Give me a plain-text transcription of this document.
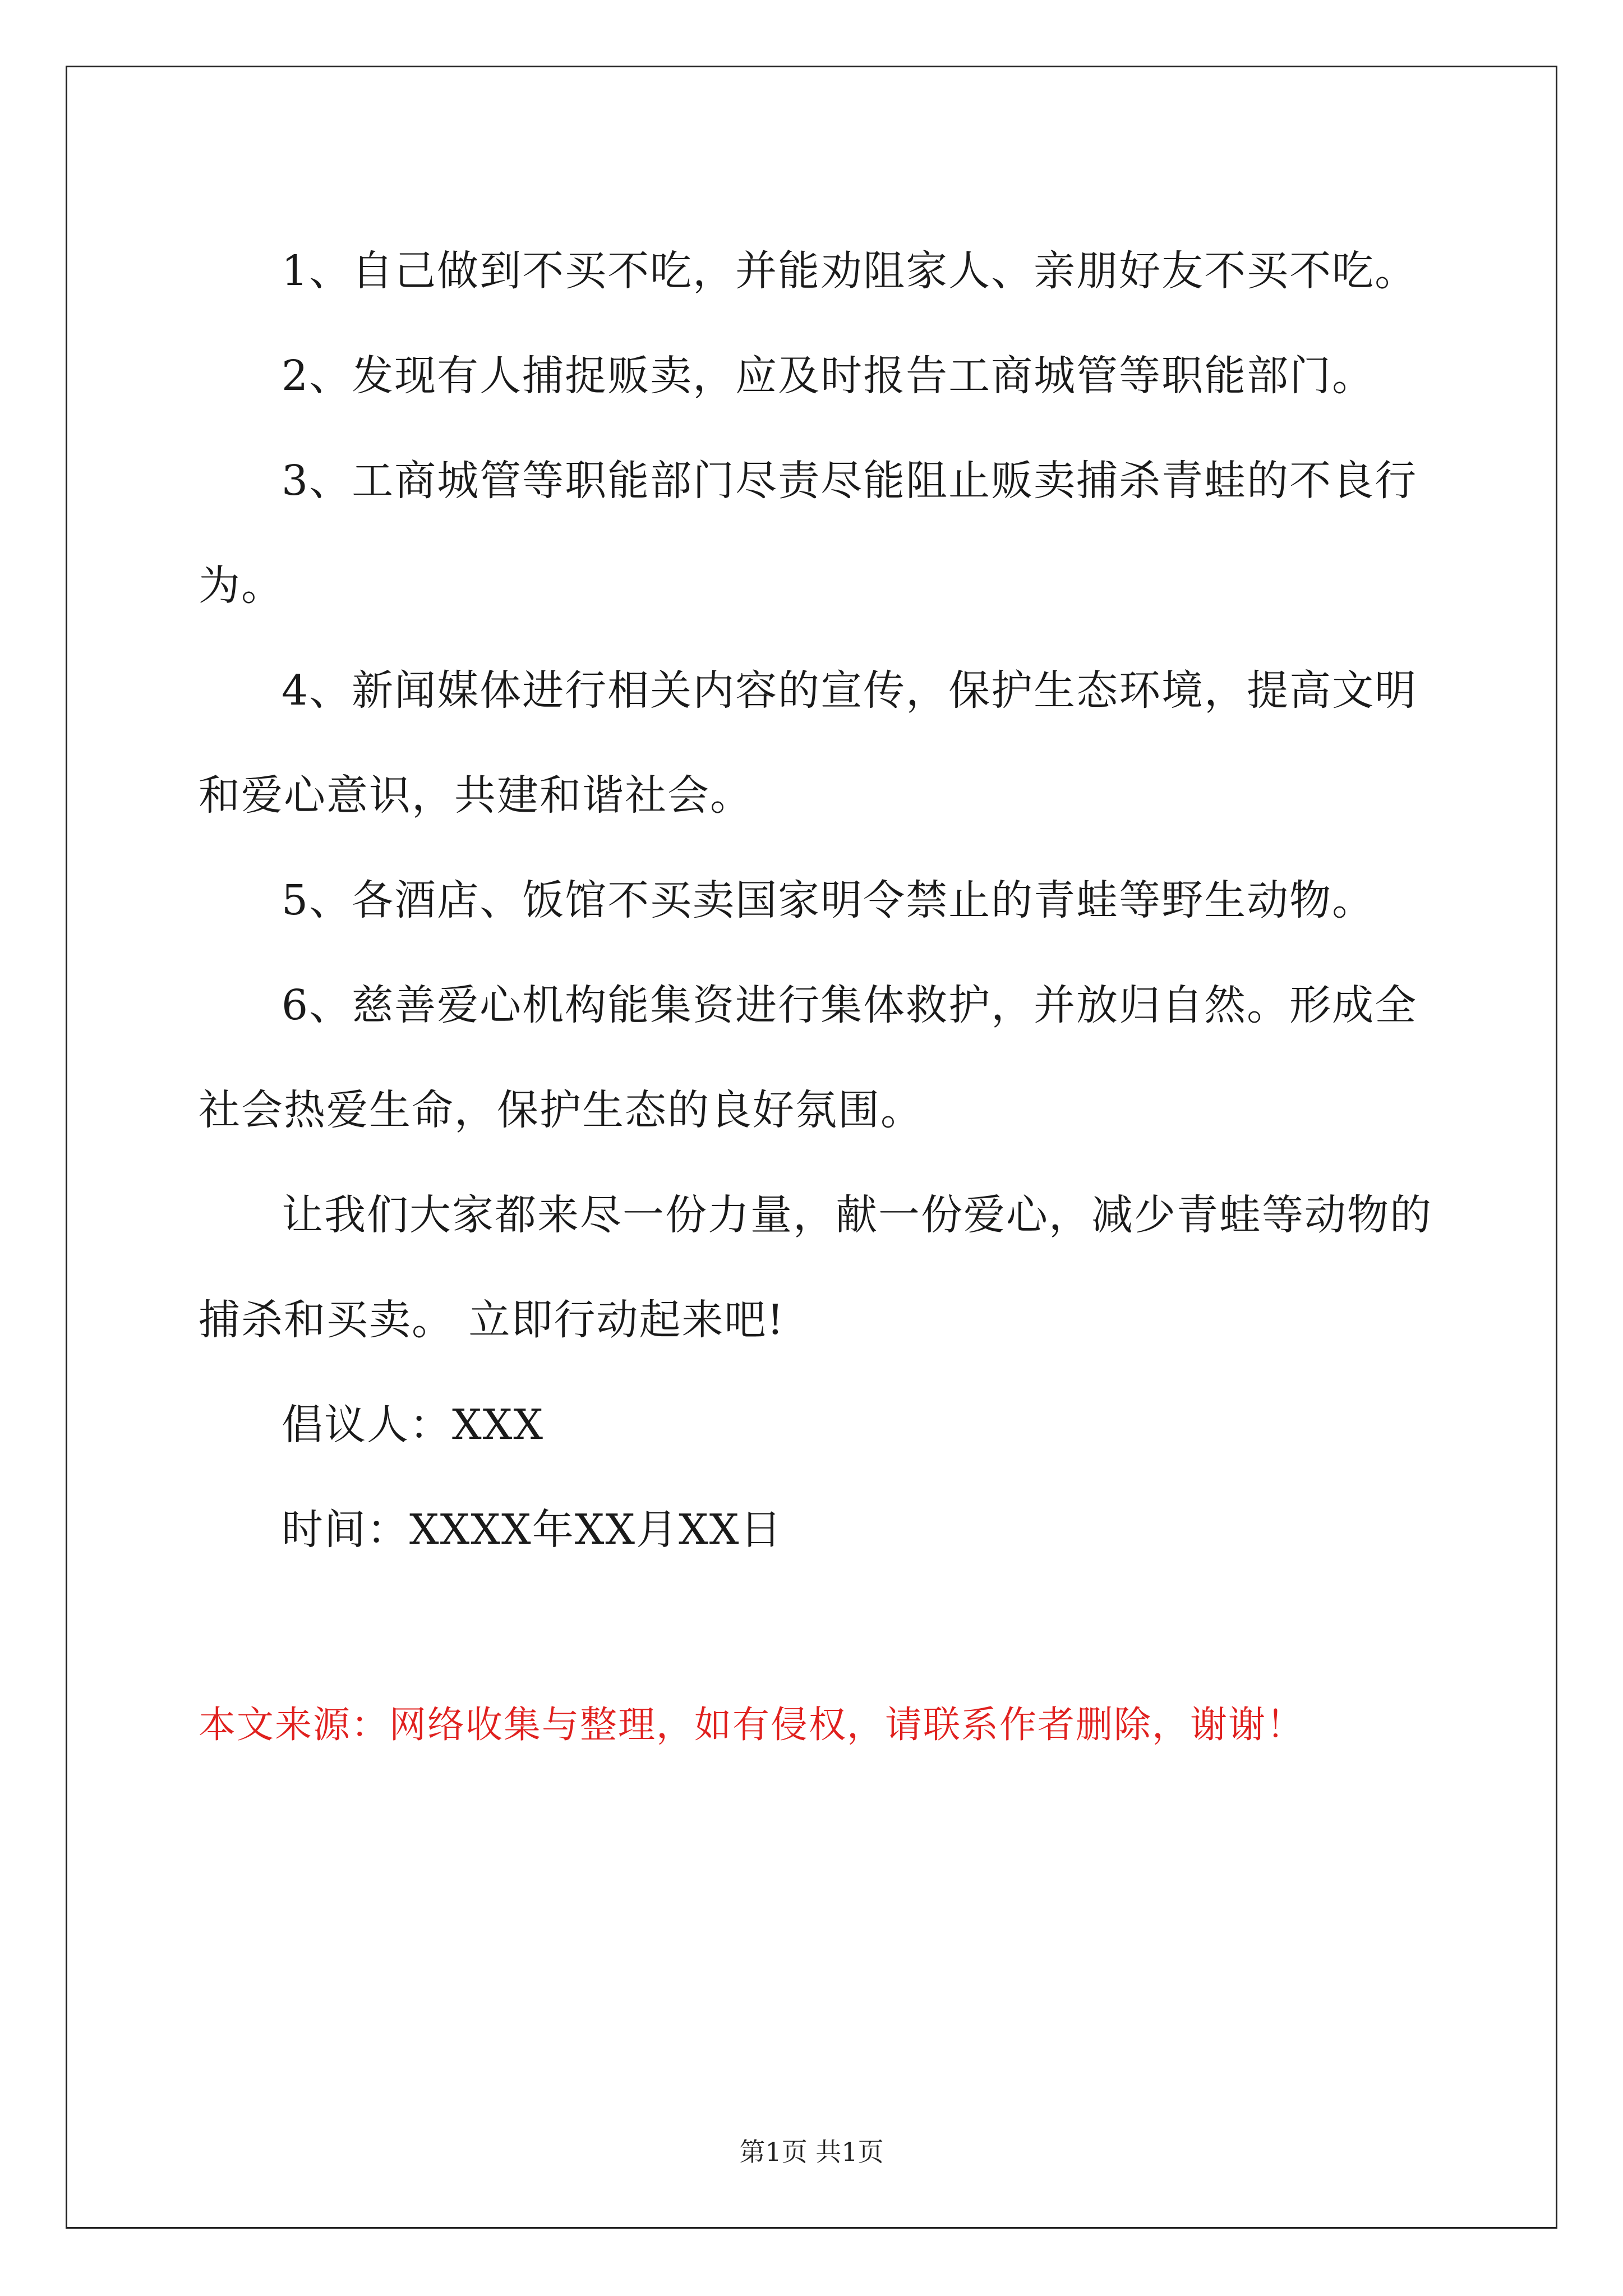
1、自己做到不买不吃，并能劝阻家人、亲朋好友不买不吃。

2、发现有人捕捉贩卖，应及时报告工商城管等职能部门。

3、工商城管等职能部门尽责尽能阻止贩卖捕杀青蛙的不良行为。

4、新闻媒体进行相关内容的宣传，保护生态环境，提高文明和爱心意识，共建和谐社会。

5、各酒店、饭馆不买卖国家明令禁止的青蛙等野生动物。

6、慈善爱心机构能集资进行集体救护，并放归自然。形成全社会热爱生命，保护生态的良好氛围。

让我们大家都来尽一份力量，献一份爱心，减少青蛙等动物的捕杀和买卖。 立即行动起来吧!

倡议人：XXX

时间：XXXX年XX月XX日

本文来源：网络收集与整理，如有侵权，请联系作者删除，谢谢！
第1页 共1页
